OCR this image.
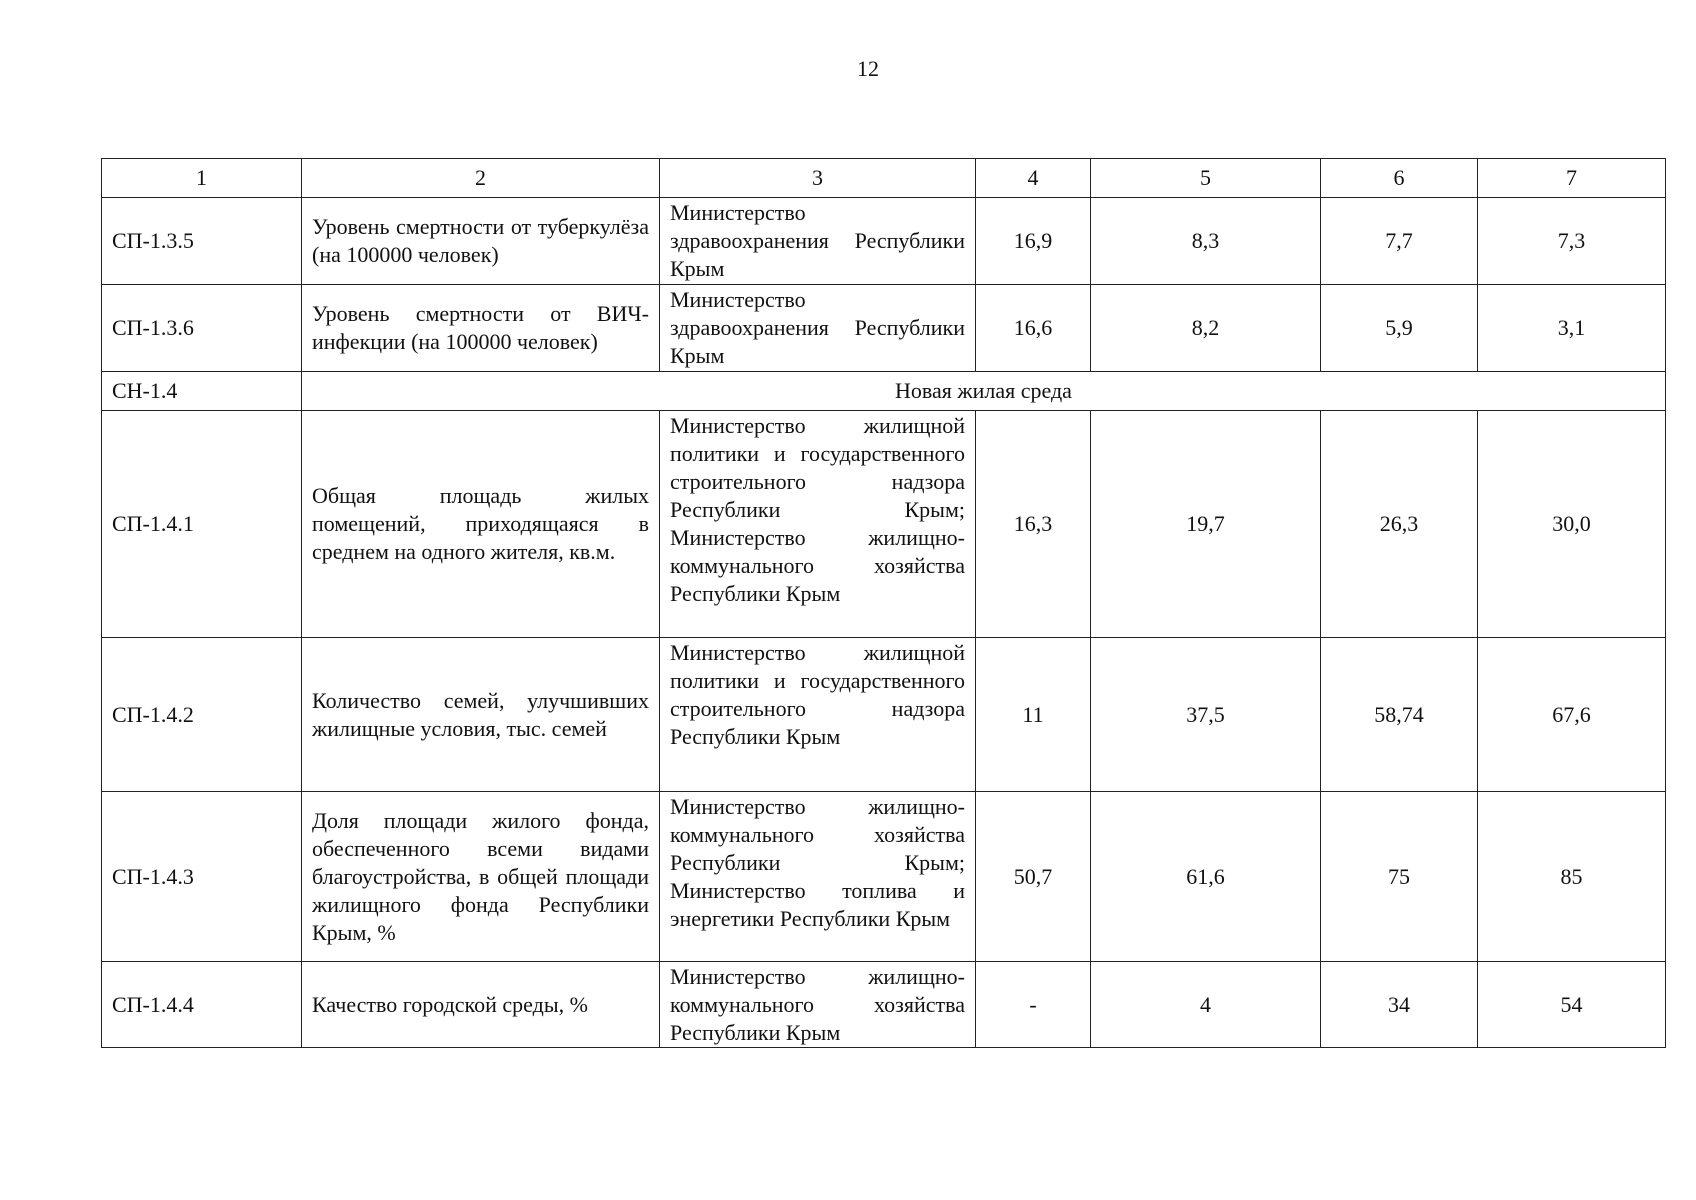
12
1	2	3	4	5	6	7
СП-1.3.5	Уровень смертности от туберкулёза (на 100000 человек)	Министерство здравоохранения Республики Крым	16,9	8,3	7,7	7,3
СП-1.3.6	Уровень смертности от ВИЧ-инфекции (на 100000 человек)	Министерство здравоохранения Республики Крым	16,6	8,2	5,9	3,1
СН-1.4	Новая жилая среда					
СП-1.4.1	Общая площадь жилых помещений, приходящаяся в среднем на одного жителя, кв.м.	Министерство жилищной политики и государственного строительного надзора Республики Крым; Министерство жилищно-коммунального хозяйства Республики Крым	16,3	19,7	26,3	30,0
СП-1.4.2	Количество семей, улучшивших жилищные условия, тыс. семей	Министерство жилищной политики и государственного строительного надзора Республики Крым	11	37,5	58,74	67,6
СП-1.4.3	Доля площади жилого фонда, обеспеченного всеми видами благоустройства, в общей площади жилищного фонда Республики Крым, %	Министерство жилищно-коммунального хозяйства Республики Крым; Министерство топлива и энергетики Республики Крым	50,7	61,6	75	85
СП-1.4.4	Качество городской среды, %	Министерство жилищно-коммунального хозяйства Республики Крым	-	4	34	54
